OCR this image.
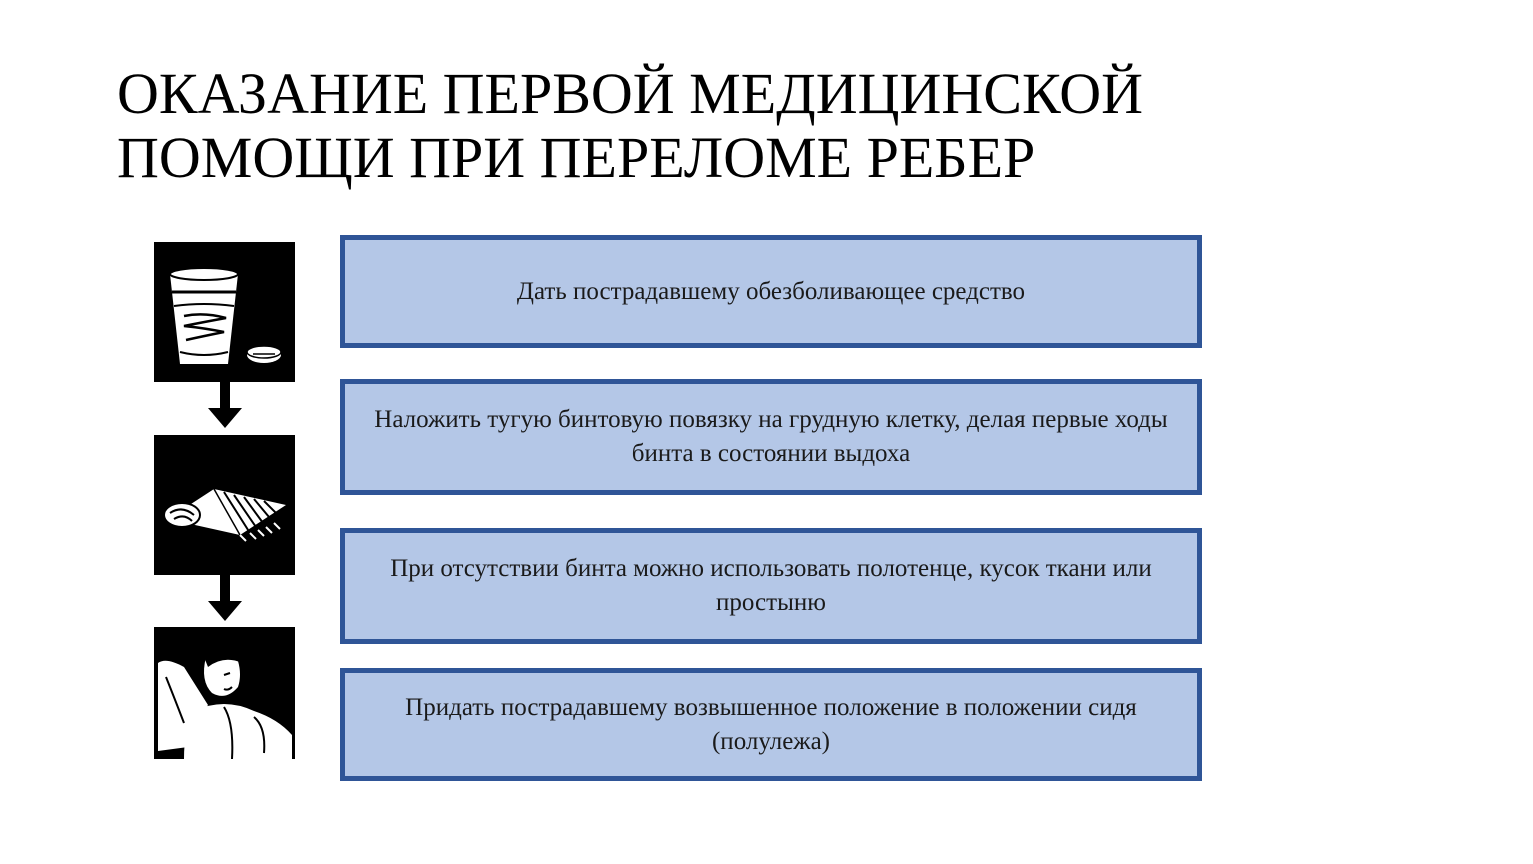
ОКАЗАНИЕ ПЕРВОЙ МЕДИЦИНСКОЙ
ПОМОЩИ ПРИ ПЕРЕЛОМЕ РЕБЕР
Дать пострадавшему обезболивающее средство
Наложить тугую бинтовую повязку на грудную клетку, делая первые ходы бинта в состоянии выдоха
При отсутствии бинта можно использовать полотенце, кусок ткани или простыню
Придать пострадавшему возвышенное положение в положении сидя (полулежа)
